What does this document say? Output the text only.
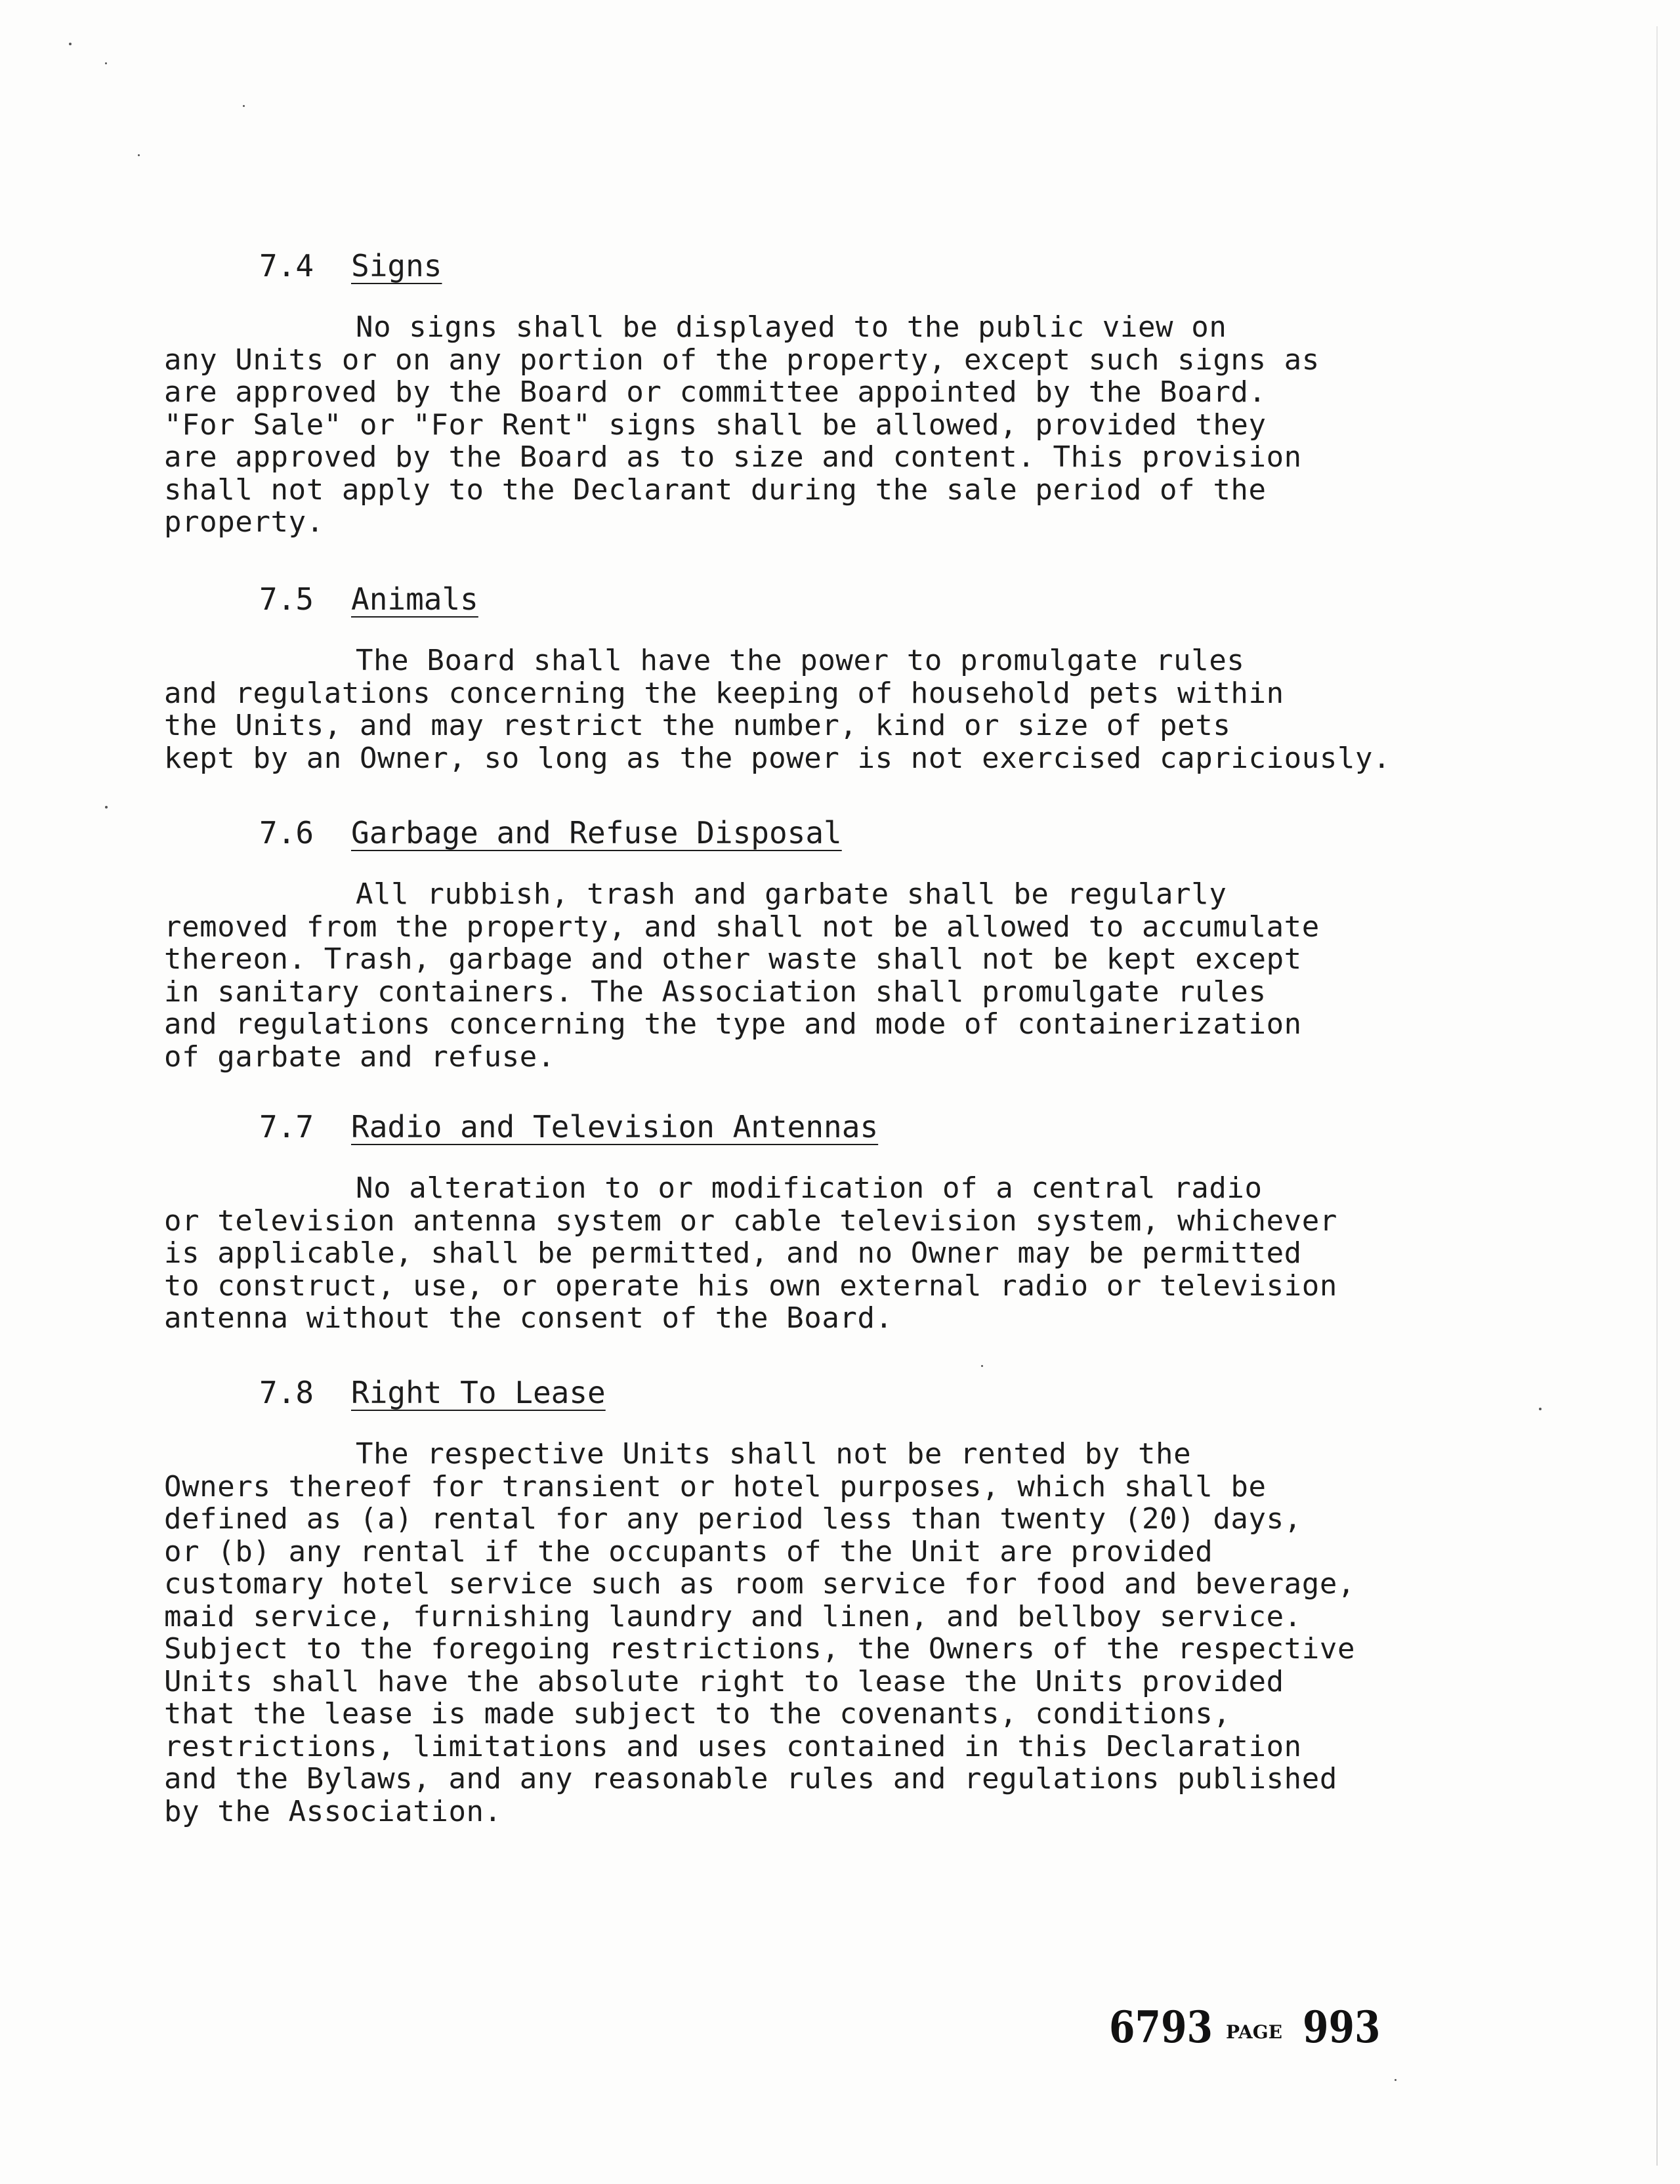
7.4 Signs
No signs shall be displayed to the public view on
any Units or on any portion of the property, except such signs as
are approved by the Board or committee appointed by the Board.
"For Sale" or "For Rent" signs shall be allowed, provided they
are approved by the Board as to size and content. This provision
shall not apply to the Declarant during the sale period of the
property.
7.5 Animals
The Board shall have the power to promulgate rules
and regulations concerning the keeping of household pets within
the Units, and may restrict the number, kind or size of pets
kept by an Owner, so long as the power is not exercised capriciously.
7.6 Garbage and Refuse Disposal
All rubbish, trash and garbate shall be regularly
removed from the property, and shall not be allowed to accumulate
thereon. Trash, garbage and other waste shall not be kept except
in sanitary containers. The Association shall promulgate rules
and regulations concerning the type and mode of containerization
of garbate and refuse.
7.7 Radio and Television Antennas
No alteration to or modification of a central radio
or television antenna system or cable television system, whichever
is applicable, shall be permitted, and no Owner may be permitted
to construct, use, or operate his own external radio or television
antenna without the consent of the Board.
7.8 Right To Lease
The respective Units shall not be rented by the
Owners thereof for transient or hotel purposes, which shall be
defined as (a) rental for any period less than twenty (20) days,
or (b) any rental if the occupants of the Unit are provided
customary hotel service such as room service for food and beverage,
maid service, furnishing laundry and linen, and bellboy service.
Subject to the foregoing restrictions, the Owners of the respective
Units shall have the absolute right to lease the Units provided
that the lease is made subject to the covenants, conditions,
restrictions, limitations and uses contained in this Declaration
and the Bylaws, and any reasonable rules and regulations published
by the Association.
6793 PAGE 993
